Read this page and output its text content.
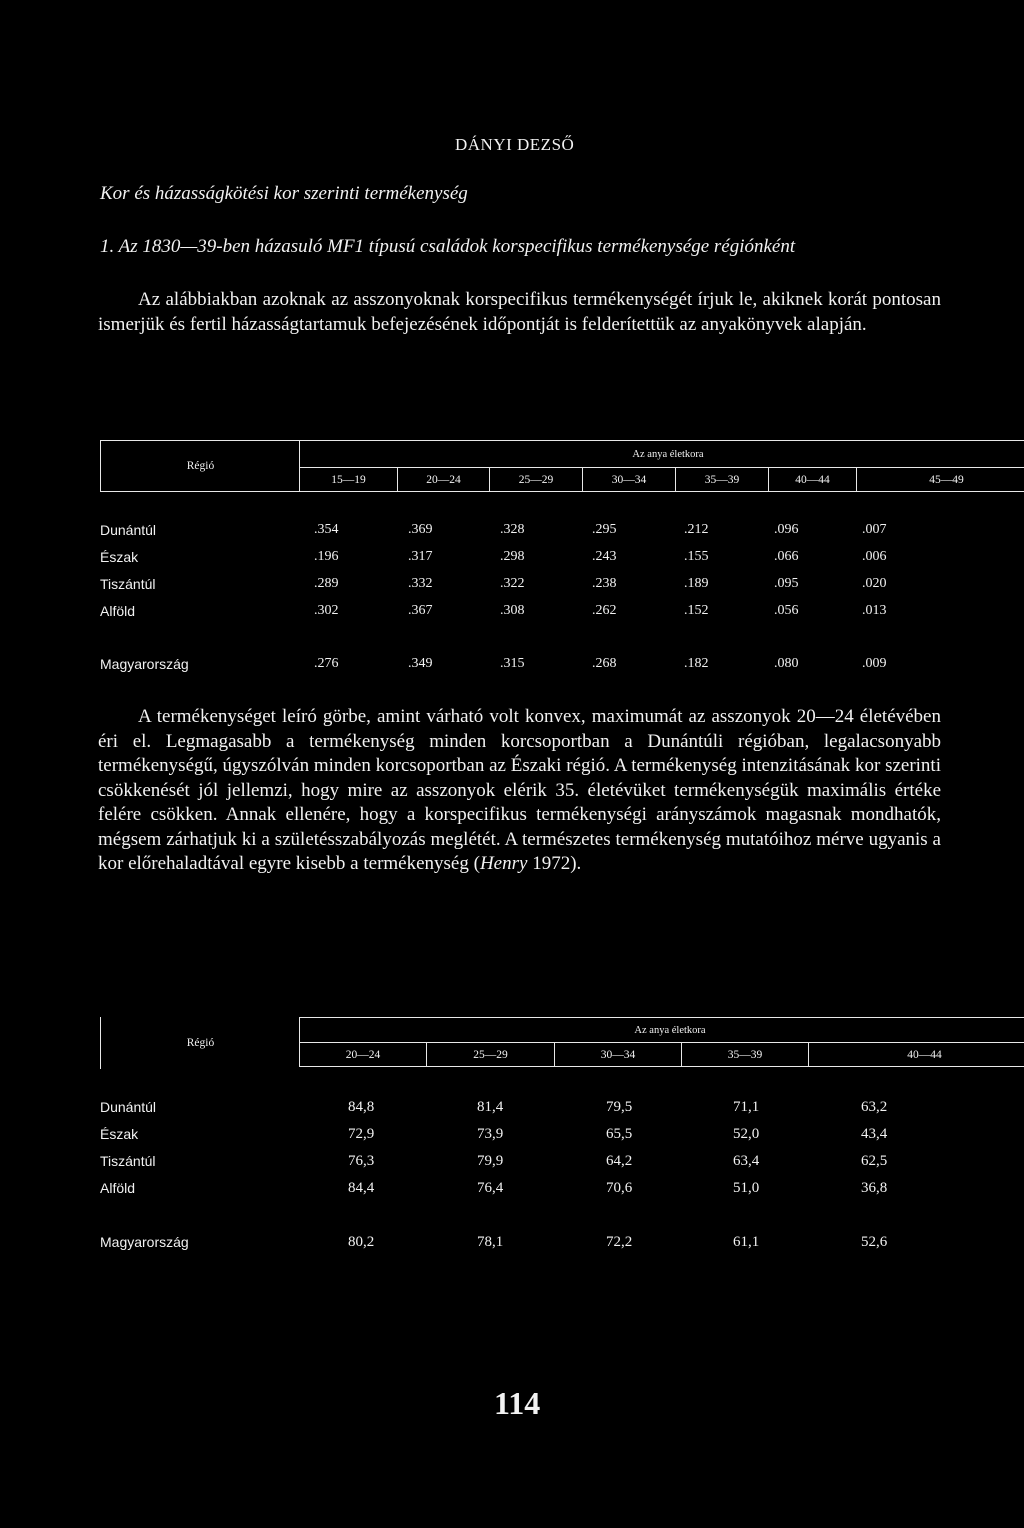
DÁNYI DEZSŐ
Kor és házasságkötési kor szerinti termékenység
1. Az 1830—39-ben házasuló MF1 típusú családok korspecifikus termékenysége régiónként
Az alábbiakban azoknak az asszonyoknak korspecifikus termékenységét írjuk le, akiknek korát pontosan ismerjük és fertil házasságtartamuk befejezésének időpontját is felderítettük az anyakönyvek alapján.
Régió
Az anya életkora
15—19	20—24	25—29	30—34	35—39	40—44	45—49
Dunántúl	.354	.369	.328	.295	.212	.096	.007
Észak	.196	.317	.298	.243	.155	.066	.006
Tiszántúl	.289	.332	.322	.238	.189	.095	.020
Alföld	.302	.367	.308	.262	.152	.056	.013
Magyarország	.276	.349	.315	.268	.182	.080	.009
A termékenységet leíró görbe, amint várható volt konvex, maximumát az asszonyok 20—24 életévében éri el. Legmagasabb a termékenység minden korcsoportban a Dunántúli régióban, legalacsonyabb termékenységű, úgyszólván minden korcsoportban az Északi régió. A termékenység intenzitásának kor szerinti csökkenését jól jellemzi, hogy mire az asszonyok elérik 35. életévüket termékenységük maximális értéke felére csökken. Annak ellenére, hogy a korspecifikus termékenységi arányszámok magasnak mondhatók, mégsem zárhatjuk ki a születésszabályozás meglétét. A természetes termékenység mutatóihoz mérve ugyanis a kor előrehaladtával egyre kisebb a termékenység (Henry 1972).
Régió
Az anya életkora
20—24	25—29	30—34	35—39	40—44
Dunántúl	84,8	81,4	79,5	71,1	63,2
Észak	72,9	73,9	65,5	52,0	43,4
Tiszántúl	76,3	79,9	64,2	63,4	62,5
Alföld	84,4	76,4	70,6	51,0	36,8
Magyarország	80,2	78,1	72,2	61,1	52,6
114
